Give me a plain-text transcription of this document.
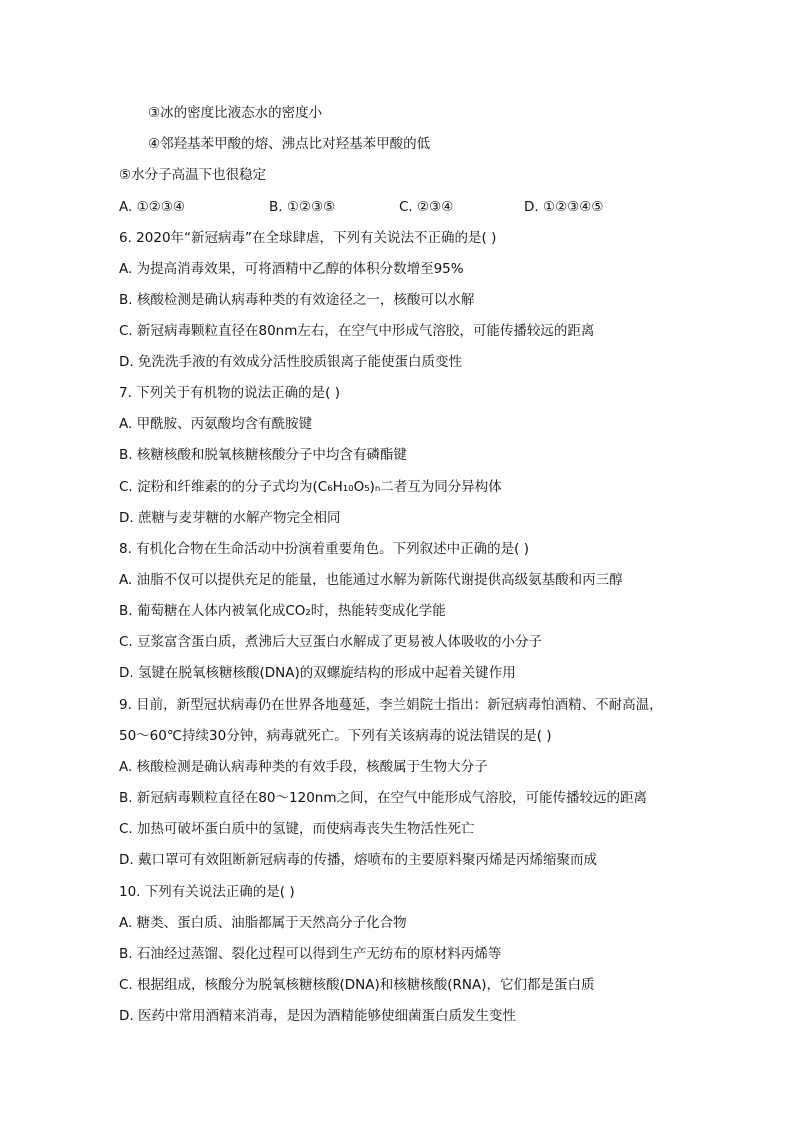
③冰的密度比液态水的密度小
④邻羟基苯甲酸的熔、沸点比对羟基苯甲酸的低
⑤水分子高温下也很稳定
A. ①②③④	B. ①②③⑤	C. ②③④	D. ①②③④⑤
6. 2020年“新冠病毒”在全球肆虐，下列有关说法不正确的是( )
A. 为提高消毒效果，可将酒精中乙醇的体积分数增至95%
B. 核酸检测是确认病毒种类的有效途径之一，核酸可以水解
C. 新冠病毒颗粒直径在80nm左右，在空气中形成气溶胶，可能传播较远的距离
D. 免洗洗手液的有效成分活性胶质银离子能使蛋白质变性
7. 下列关于有机物的说法正确的是( )
A. 甲酰胺、丙氨酸均含有酰胺键
B. 核糖核酸和脱氧核糖核酸分子中均含有磷酯键
C. 淀粉和纤维素的的分子式均为(C₆H₁₀O₅)ₙ二者互为同分异构体
D. 蔗糖与麦芽糖的水解产物完全相同
8. 有机化合物在生命活动中扮演着重要角色。下列叙述中正确的是( )
A. 油脂不仅可以提供充足的能量，也能通过水解为新陈代谢提供高级氨基酸和丙三醇
B. 葡萄糖在人体内被氧化成CO₂时，热能转变成化学能
C. 豆浆富含蛋白质，煮沸后大豆蛋白水解成了更易被人体吸收的小分子
D. 氢键在脱氧核糖核酸(DNA)的双螺旋结构的形成中起着关键作用
9. 目前，新型冠状病毒仍在世界各地蔓延，李兰娟院士指出：新冠病毒怕酒精、不耐高温，
50～60℃持续30分钟，病毒就死亡。下列有关该病毒的说法错误的是( )
A. 核酸检测是确认病毒种类的有效手段，核酸属于生物大分子
B. 新冠病毒颗粒直径在80～120nm之间，在空气中能形成气溶胶，可能传播较远的距离
C. 加热可破坏蛋白质中的氢键，而使病毒丧失生物活性死亡
D. 戴口罩可有效阻断新冠病毒的传播，熔喷布的主要原料聚丙烯是丙烯缩聚而成
10. 下列有关说法正确的是( )
A. 糖类、蛋白质、油脂都属于天然高分子化合物
B. 石油经过蒸馏、裂化过程可以得到生产无纺布的原材料丙烯等
C. 根据组成，核酸分为脱氧核糖核酸(DNA)和核糖核酸(RNA)，它们都是蛋白质
D. 医药中常用酒精来消毒，是因为酒精能够使细菌蛋白质发生变性
